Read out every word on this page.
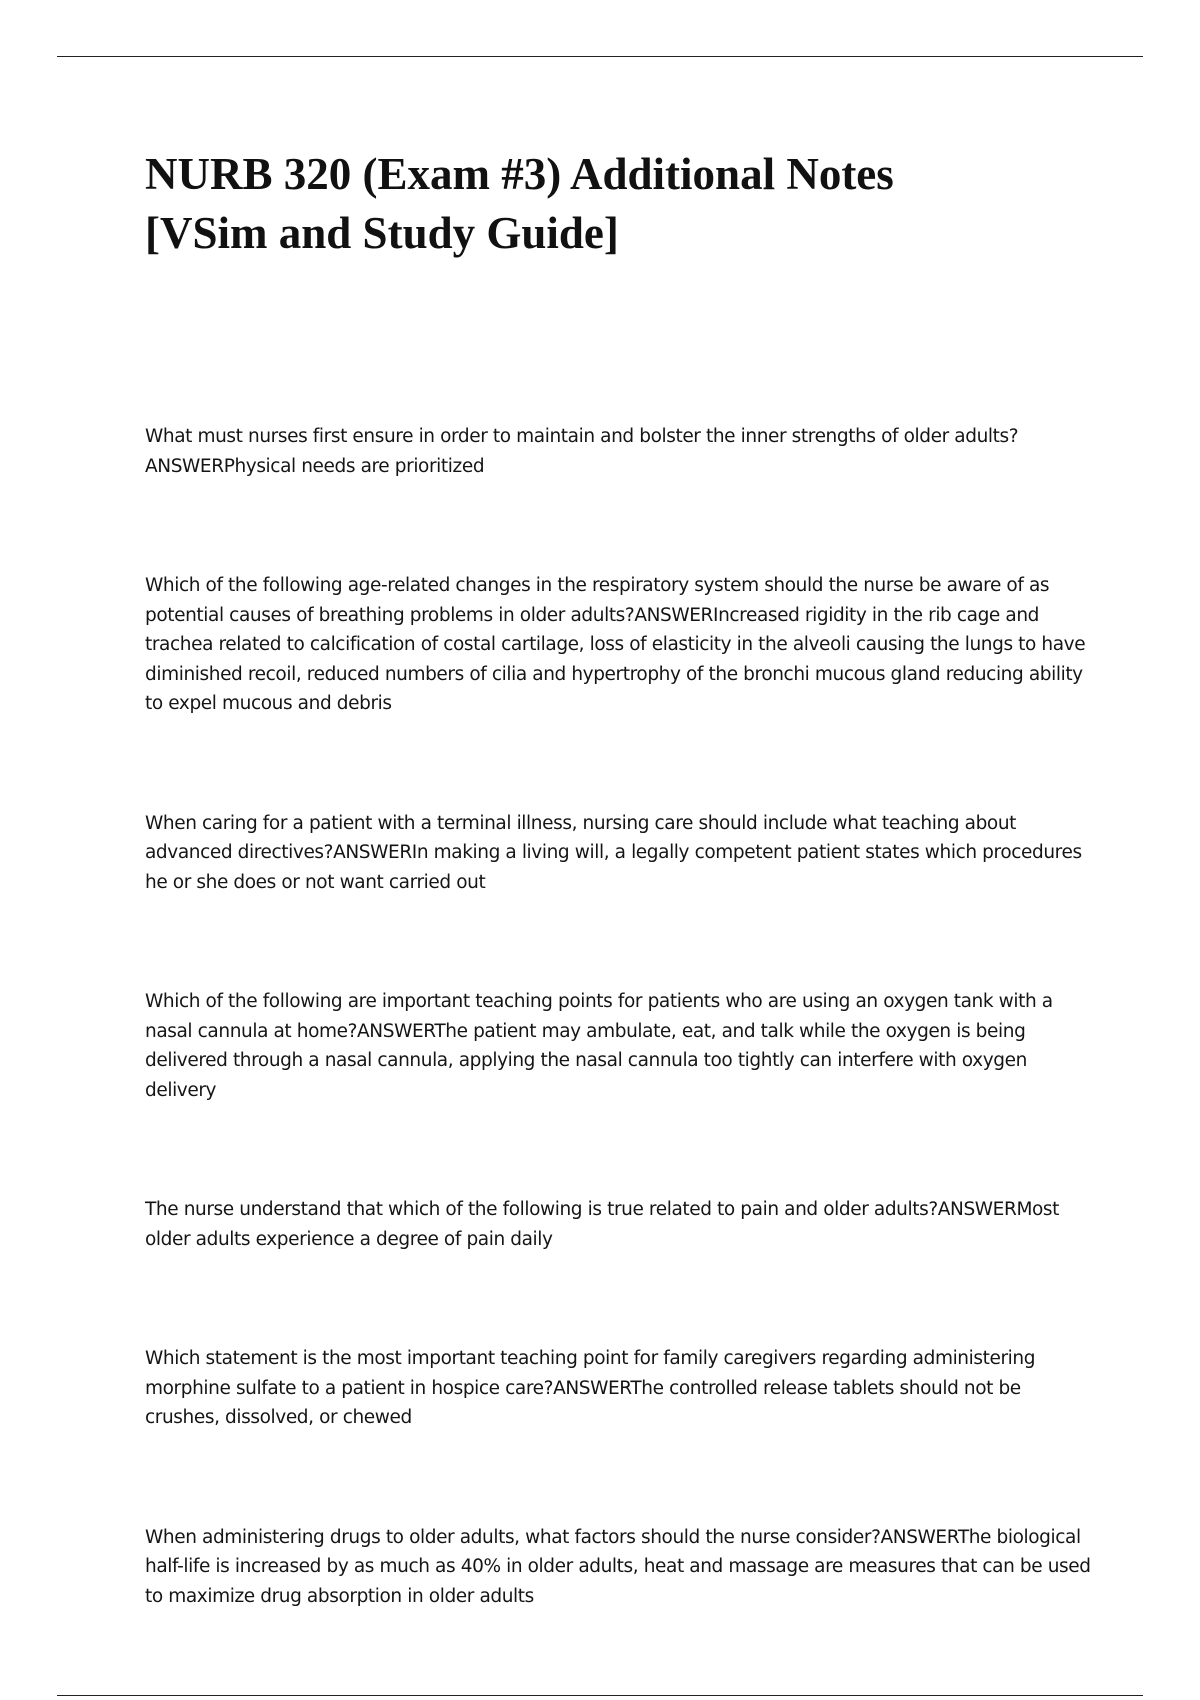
NURB 320 (Exam #3) Additional Notes
[VSim and Study Guide]

What must nurses first ensure in order to maintain and bolster the inner strengths of older adults?
ANSWERPhysical needs are prioritized

Which of the following age-related changes in the respiratory system should the nurse be aware of as potential causes of breathing problems in older adults?ANSWERIncreased rigidity in the rib cage and trachea related to calcification of costal cartilage, loss of elasticity in the alveoli causing the lungs to have diminished recoil, reduced numbers of cilia and hypertrophy of the bronchi mucous gland reducing ability to expel mucous and debris

When caring for a patient with a terminal illness, nursing care should include what teaching about advanced directives?ANSWERIn making a living will, a legally competent patient states which procedures he or she does or not want carried out

Which of the following are important teaching points for patients who are using an oxygen tank with a nasal cannula at home?ANSWERThe patient may ambulate, eat, and talk while the oxygen is being delivered through a nasal cannula, applying the nasal cannula too tightly can interfere with oxygen delivery

The nurse understand that which of the following is true related to pain and older adults?ANSWERMost older adults experience a degree of pain daily

Which statement is the most important teaching point for family caregivers regarding administering morphine sulfate to a patient in hospice care?ANSWERThe controlled release tablets should not be crushes, dissolved, or chewed

When administering drugs to older adults, what factors should the nurse consider?ANSWERThe biological half-life is increased by as much as 40% in older adults, heat and massage are measures that can be used to maximize drug absorption in older adults
